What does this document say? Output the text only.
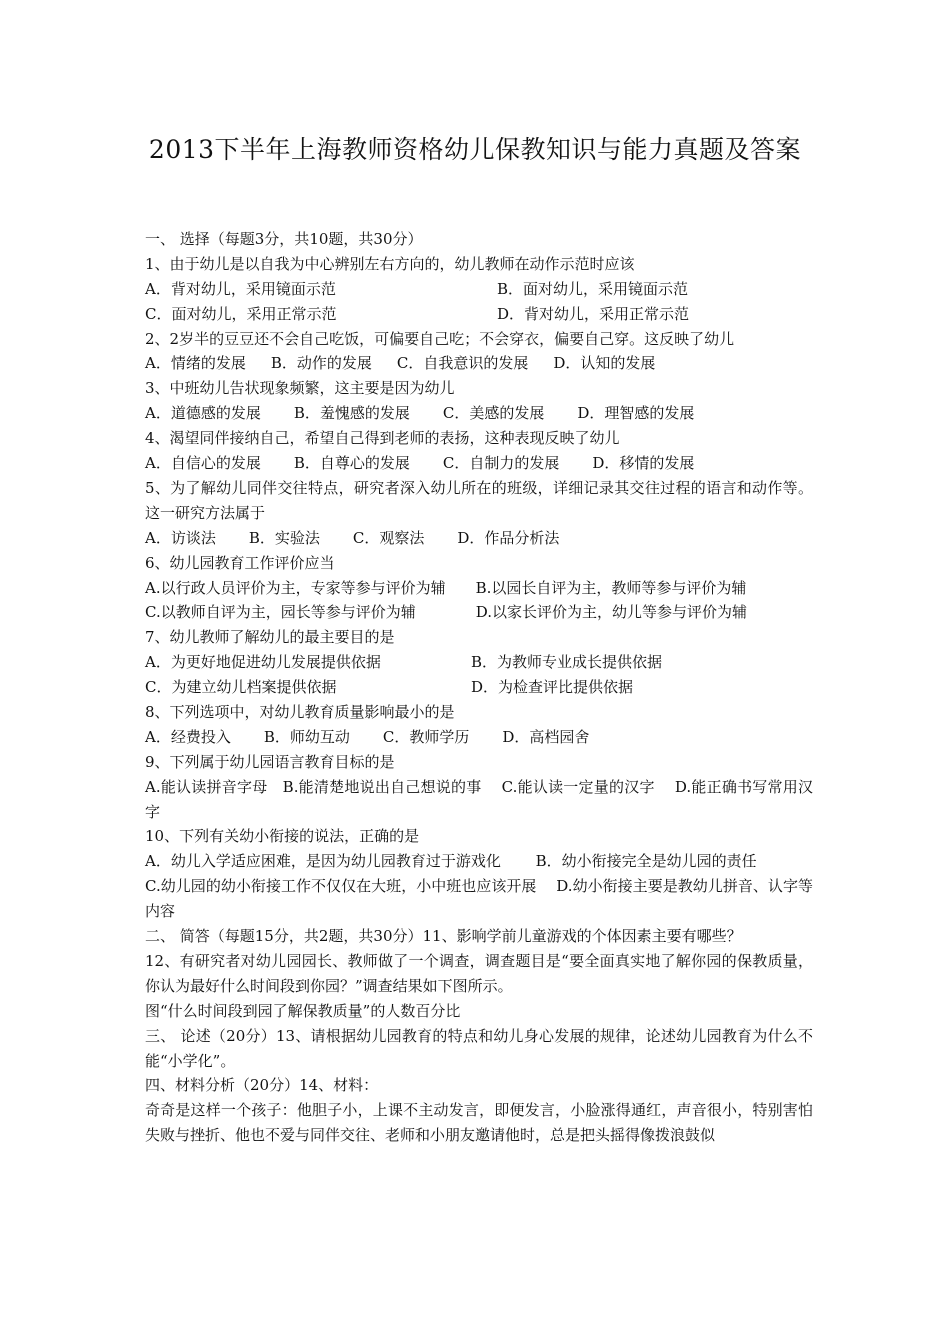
2013下半年上海教师资格幼儿保教知识与能力真题及答案
一、 选择（每题3分，共10题，共30分）
1、由于幼儿是以自我为中心辨别左右方向的，幼儿教师在动作示范时应该
A．背对幼儿，采用镜面示范	B．面对幼儿，采用镜面示范
C．面对幼儿，采用正常示范	D．背对幼儿，采用正常示范
2、2岁半的豆豆还不会自己吃饭，可偏要自己吃；不会穿衣，偏要自己穿。这反映了幼儿
A．情绪的发展 B．动作的发展 C．自我意识的发展 D．认知的发展
3、中班幼儿告状现象频繁，这主要是因为幼儿
A．道德感的发展 B．羞愧感的发展 C．美感的发展 D．理智感的发展
4、渴望同伴接纳自己，希望自己得到老师的表扬，这种表现反映了幼儿
A．自信心的发展 B．自尊心的发展 C．自制力的发展 D．移情的发展
5、为了解幼儿同伴交往特点，研究者深入幼儿所在的班级，详细记录其交往过程的语言和动作等。这一研究方法属于
A．访谈法 B．实验法 C．观察法 D．作品分析法
6、幼儿园教育工作评价应当
A.以行政人员评价为主，专家等参与评价为辅　　B.以园长自评为主，教师等参与评价为辅
C.以教师自评为主，园长等参与评价为辅　　　　D.以家长评价为主，幼儿等参与评价为辅
7、幼儿教师了解幼儿的最主要目的是
A．为更好地促进幼儿发展提供依据	B．为教师专业成长提供依据
C．为建立幼儿档案提供依据	D．为检查评比提供依据
8、下列选项中，对幼儿教育质量影响最小的是
A．经费投入 B．师幼互动 C．教师学历 D．高档园舍
9、下列属于幼儿园语言教育目标的是
A.能认读拼音字母　B.能清楚地说出自己想说的事　 C.能认读一定量的汉字　 D.能正确书写常用汉字
10、下列有关幼小衔接的说法，正确的是
A．幼儿入学适应困难，是因为幼儿园教育过于游戏化　　 B．幼小衔接完全是幼儿园的责任
C.幼儿园的幼小衔接工作不仅仅在大班，小中班也应该开展　 D.幼小衔接主要是教幼儿拼音、认字等内容
二、 简答（每题15分，共2题，共30分）11、影响学前儿童游戏的个体因素主要有哪些？
12、有研究者对幼儿园园长、教师做了一个调查，调查题目是“要全面真实地了解你园的保教质量，你认为最好什么时间段到你园？”调查结果如下图所示。
图“什么时间段到园了解保教质量”的人数百分比
三、 论述（20分）13、请根据幼儿园教育的特点和幼儿身心发展的规律，论述幼儿园教育为什么不能“小学化”。
四、材料分析（20分）14、材料：
奇奇是这样一个孩子：他胆子小，上课不主动发言，即便发言，小脸涨得通红，声音很小，特别害怕失败与挫折、他也不爱与同伴交往、老师和小朋友邀请他时，总是把头摇得像拨浪鼓似
